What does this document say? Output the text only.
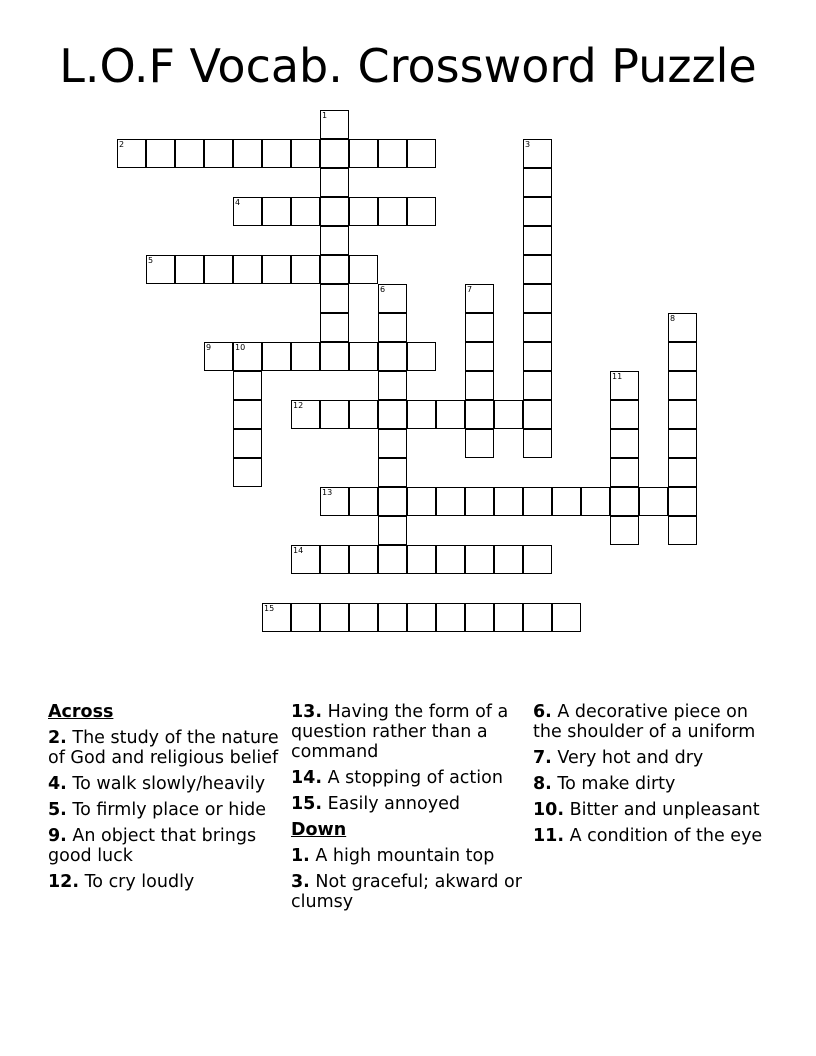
L.O.F Vocab. Crossword Puzzle
1
2	3
4
5
6	7
8
9	10
11
12
13
14
15
Across
2. The study of the nature of God and religious belief
4. To walk slowly/heavily
5. To firmly place or hide
9. An object that brings good luck
12. To cry loudly
13. Having the form of a question rather than a command
14. A stopping of action
15. Easily annoyed
Down
1. A high mountain top
3. Not graceful; akward or clumsy
6. A decorative piece on the shoulder of a uniform
7. Very hot and dry
8. To make dirty
10. Bitter and unpleasant
11. A condition of the eye
